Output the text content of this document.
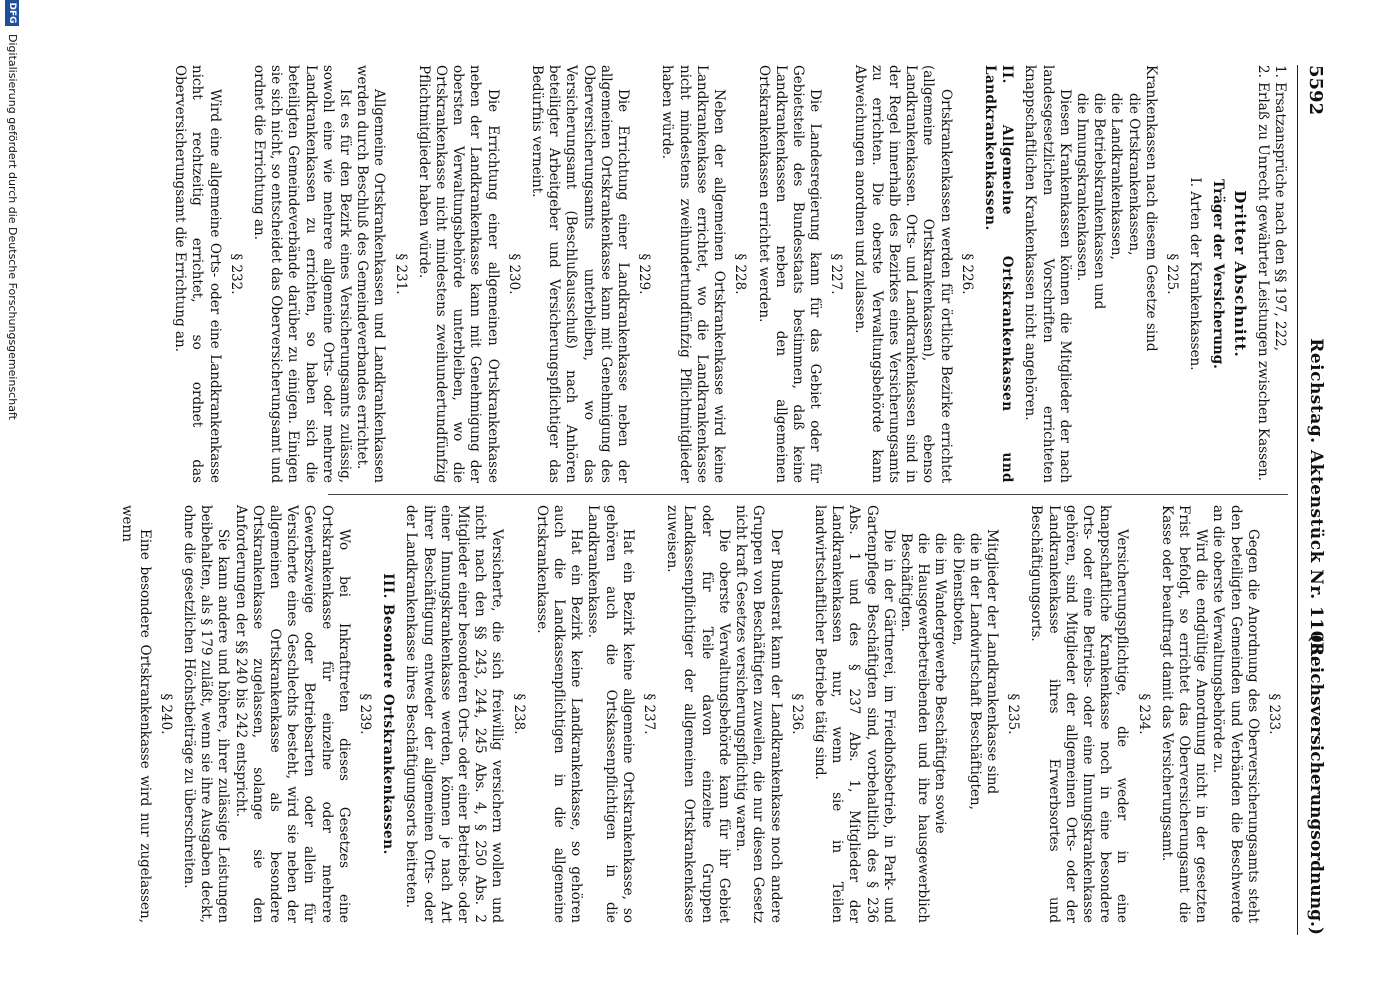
5592
Reichstag. Aktenstück Nr. 1108.
(Reichsversicherungsordnung.)

1. Ersatzansprüche nach den §§ 197, 222,

2. Erlaß zu Unrecht gewährter Leistungen zwischen Kassen.

Dritter Abschnitt.

Träger der Versicherung.

I. Arten der Krankenkassen.

§ 225.

Krankenkassen nach diesem Gesetze sind

die Ortskrankenkassen,

die Landkrankenkassen,

die Betriebskrankenkassen und

die Innungskrankenkassen.

Diesen Krankenkassen können die Mitglieder der nach landesgesetzlichen Vorschriften errichteten knappschaftlichen Krankenkassen nicht angehören.

II. Allgemeine Ortskrankenkassen und Landkrankenkassen.

§ 226.

Ortskrankenkassen werden für örtliche Bezirke errichtet (allgemeine Ortskrankenkassen), ebenso Landkrankenkassen. Orts- und Landkrankenkassen sind in der Regel innerhalb des Bezirkes eines Versicherungsamts zu errichten. Die oberste Verwaltungsbehörde kann Abweichungen anordnen und zulassen.

§ 227.

Die Landesregierung kann für das Gebiet oder für Gebietsteile des Bundesstaats bestimmen, daß keine Landkrankenkassen neben den allgemeinen Ortskrankenkassen errichtet werden.

§ 228.

Neben der allgemeinen Ortskrankenkasse wird keine Landkrankenkasse errichtet, wo die Landkrankenkasse nicht mindestens zweihundertundfünfzig Pflichtmitglieder haben würde.

§ 229.

Die Errichtung einer Landkrankenkasse neben der allgemeinen Ortskrankenkasse kann mit Genehmigung des Oberversicherungsamts unterbleiben, wo das Versicherungsamt (Beschlußausschuß) nach Anhören beteiligter Arbeitgeber und Versicherungspflichtiger das Bedürfnis verneint.

§ 230.

Die Errichtung einer allgemeinen Ortskrankenkasse neben der Landkrankenkasse kann mit Genehmigung der obersten Verwaltungsbehörde unterbleiben, wo die Ortskrankenkasse nicht mindestens zweihundertundfünfzig Pflichtmitglieder haben würde.

§ 231.

Allgemeine Ortskrankenkassen und Landkrankenkassen werden durch Beschluß des Gemeindeverbandes errichtet.

Ist es für den Bezirk eines Versicherungsamts zulässig, sowohl eine wie mehrere allgemeine Orts- oder mehrere Landkrankenkassen zu errichten, so haben sich die beteiligten Gemeindeverbände darüber zu einigen. Einigen sie sich nicht, so entscheidet das Oberversicherungsamt und ordnet die Errichtung an.

§ 232.

Wird eine allgemeine Orts- oder eine Landkrankenkasse nicht rechtzeitig errichtet, so ordnet das Oberversicherungsamt die Errichtung an.

§ 233.

Gegen die Anordnung des Oberversicherungsamts steht den beteiligten Gemeinden und Verbänden die Beschwerde an die oberste Verwaltungsbehörde zu.

Wird die endgültige Anordnung nicht in der gesetzten Frist befolgt, so errichtet das Oberversicherungsamt die Kasse oder beauftragt damit das Versicherungsamt.

§ 234.

Versicherungspflichtige, die weder in eine knappschaftliche Krankenkasse noch in eine besondere Orts- oder eine Betriebs- oder eine Innungskrankenkasse gehören, sind Mitglieder der allgemeinen Orts- oder der Landkrankenkasse ihres Erwerbsortes und Beschäftigungsorts.

§ 235.

Mitglieder der Landkrankenkasse sind

die in der Landwirtschaft Beschäftigten,

die Dienstboten,

die im Wandergewerbe Beschäftigten sowie

die Hausgewerbetreibenden und ihre hausgewerblich Beschäftigten.

Die in der Gärtnerei, im Friedhofsbetrieb, in Park- und Gartenpflege Beschäftigten sind, vorbehaltlich des § 236 Abs. 1 und des § 237 Abs. 1, Mitglieder der Landkrankenkassen nur, wenn sie in Teilen landwirtschaftlicher Betriebe tätig sind.

§ 236.

Der Bundesrat kann der Landkrankenkasse noch andere Gruppen von Beschäftigten zuweilen, die nur diesen Gesetz nicht kraft Gesetzes versicherungspflichtig waren.

Die oberste Verwaltungsbehörde kann für ihr Gebiet oder für Teile davon einzelne Gruppen Landkassenpflichtiger der allgemeinen Ortskrankenkasse zuweisen.

§ 237.

Hat ein Bezirk keine allgemeine Ortskrankenkasse, so gehören auch die Ortskassenpflichtigen in die Landkrankenkasse.

Hat ein Bezirk keine Landkrankenkasse, so gehören auch die Landkassenpflichtigen in die allgemeine Ortskrankenkasse.

§ 238.

Versicherte, die sich freiwillig versichern wollen und nicht nach den §§ 243, 244, 245 Abs. 4, § 250 Abs. 2 Mitglieder einer besonderen Orts- oder einer Betriebs- oder einer Innungskrankenkasse werden, können je nach Art ihrer Beschäftigung entweder der allgemeinen Orts- oder der Landkrankenkasse ihres Beschäftigungsorts beitreten.

III. Besondere Ortskrankenkassen.

§ 239.

Wo bei Inkrafttreten dieses Gesetzes eine Ortskrankenkasse für einzelne oder mehrere Gewerbszweige oder Betriebsarten oder allein für Versicherte eines Geschlechts besteht, wird sie neben der allgemeinen Ortskrankenkasse als besondere Ortskrankenkasse zugelassen, solange sie den Anforderungen der §§ 240 bis 242 entspricht.

Sie kann andere und höhere, ihrer zulässige Leistungen beibehalten, als § 179 zuläßt, wenn sie ihre Ausgaben deckt, ohne die gesetzlichen Höchstbeiträge zu überschreiten.

§ 240.

Eine besondere Ortskrankenkasse wird nur zugelassen, wenn

DFG
Digitalisierung gefördert durch die Deutsche Forschungsgemeinschaft
